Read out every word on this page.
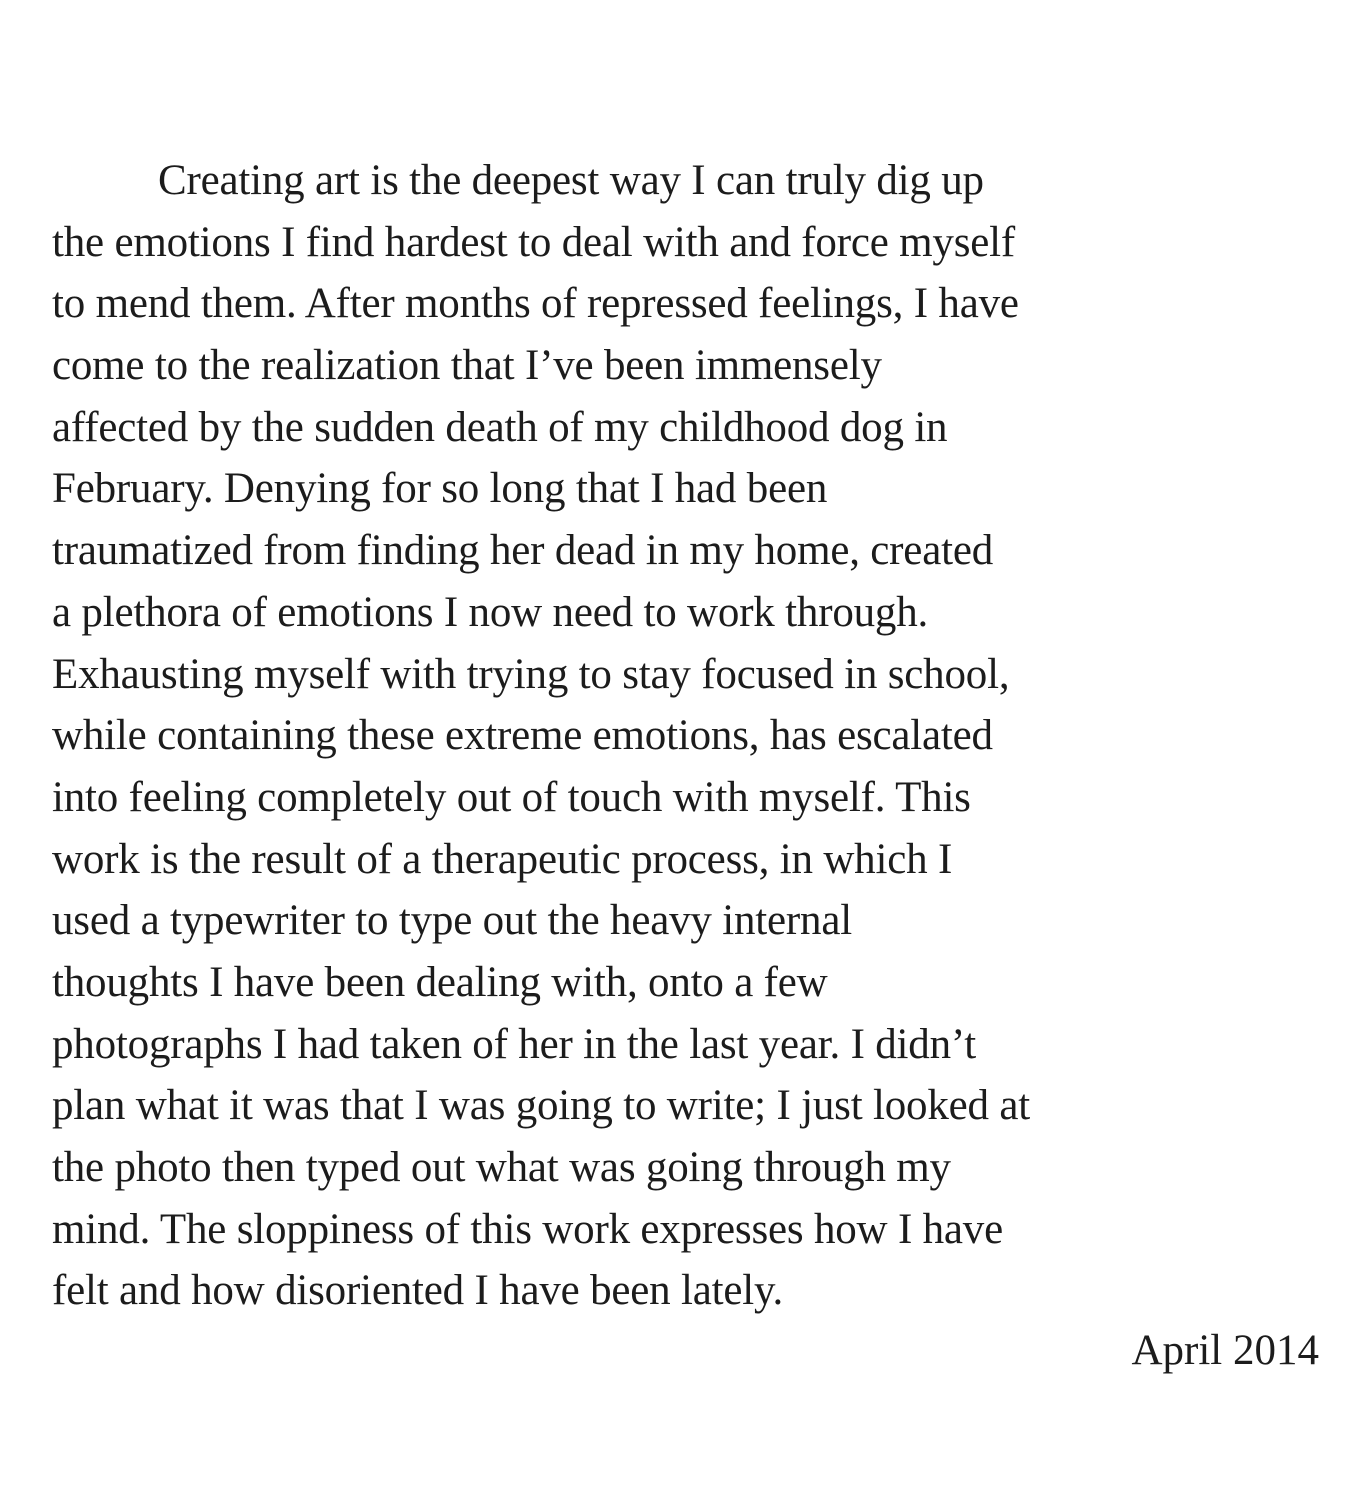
Creating art is the deepest way I can truly dig up
the emotions I find hardest to deal with and force myself
to mend them. After months of repressed feelings, I have
come to the realization that I’ve been immensely
affected by the sudden death of my childhood dog in
February. Denying for so long that I had been
traumatized from finding her dead in my home, created
a plethora of emotions I now need to work through.
Exhausting myself with trying to stay focused in school,
while containing these extreme emotions, has escalated
into feeling completely out of touch with myself. This
work is the result of a therapeutic process, in which I
used a typewriter to type out the heavy internal
thoughts I have been dealing with, onto a few
photographs I had taken of her in the last year. I didn’t
plan what it was that I was going to write; I just looked at
the photo then typed out what was going through my
mind. The sloppiness of this work expresses how I have
felt and how disoriented I have been lately.
April 2014
